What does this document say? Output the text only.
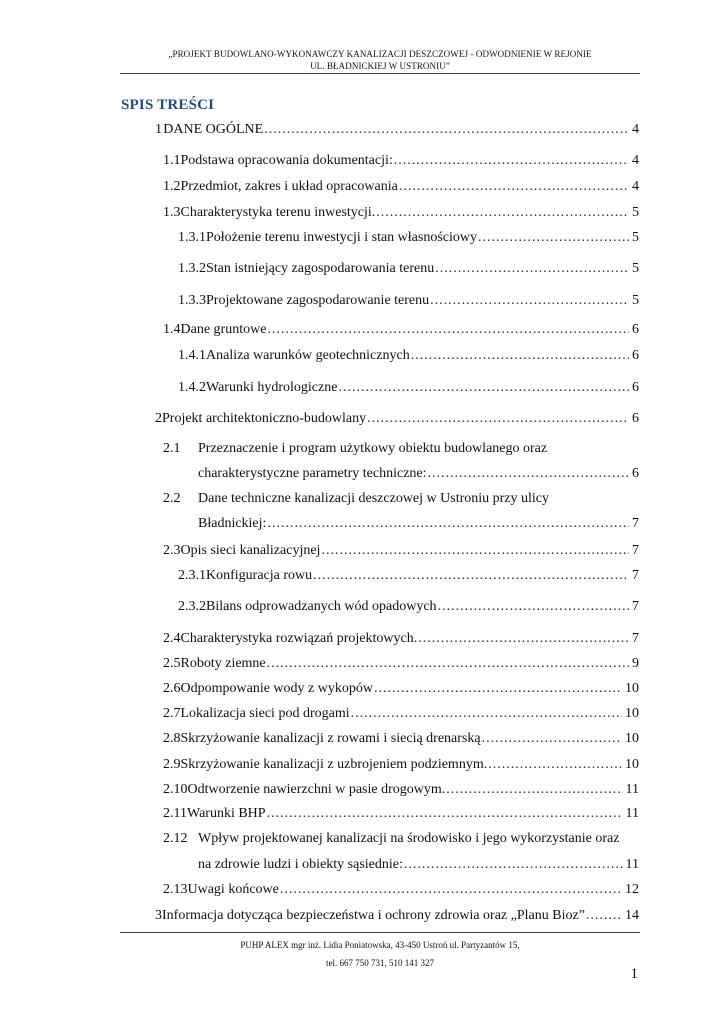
„PROJEKT BUDOWLANO-WYKONAWCZY KANALIZACJI DESZCZOWEJ - ODWODNIENIE W REJONIE
UL. BŁADNICKIEJ W USTRONIU”
SPIS TREŚCI
1 DANE OGÓLNE .....	4
1.1 Podstawa opracowania dokumentacji: .....	4
1.2 Przedmiot, zakres i układ opracowania .....	4
1.3 Charakterystyka terenu inwestycji. .....	5
1.3.1 Położenie terenu inwestycji i stan własnościowy .....	5
1.3.2 Stan istniejący zagospodarowania terenu .....	5
1.3.3 Projektowane zagospodarowanie terenu .....	5
1.4 Dane gruntowe .....	6
1.4.1 Analiza warunków geotechnicznych .....	6
1.4.2 Warunki hydrologiczne .....	6
2 Projekt architektoniczno-budowlany .....	6
2.1 Przeznaczenie i program użytkowy obiektu budowlanego oraz
charakterystyczne parametry techniczne: .....	6
2.2 Dane techniczne kanalizacji deszczowej w Ustroniu przy ulicy
Bładnickiej: .....	7
2.3 Opis sieci kanalizacyjnej .....	7
2.3.1 Konfiguracja rowu .....	7
2.3.2 Bilans odprowadzanych wód opadowych .....	7
2.4 Charakterystyka rozwiązań projektowych. .....	7
2.5 Roboty ziemne .....	9
2.6 Odpompowanie wody z wykopów .....	10
2.7 Lokalizacja sieci pod drogami .....	10
2.8 Skrzyżowanie kanalizacji z rowami i siecią drenarską .....	10
2.9 Skrzyżowanie kanalizacji z uzbrojeniem podziemnym. .....	10
2.10 Odtworzenie nawierzchni w pasie drogowym. .....	11
2.11 Warunki BHP .....	11
2.12 Wpływ projektowanej kanalizacji na środowisko i jego wykorzystanie oraz
na zdrowie ludzi i obiekty sąsiednie: .....	11
2.13 Uwagi końcowe .....	12
3 Informacja dotycząca bezpieczeństwa i ochrony zdrowia oraz „Planu Bioz” .....	14
PUHP ALEX mgr inż. Lidia Poniatowska, 43-450 Ustroń ul. Partyzantów 15,
tel. 667 750 731, 510 141 327
1
